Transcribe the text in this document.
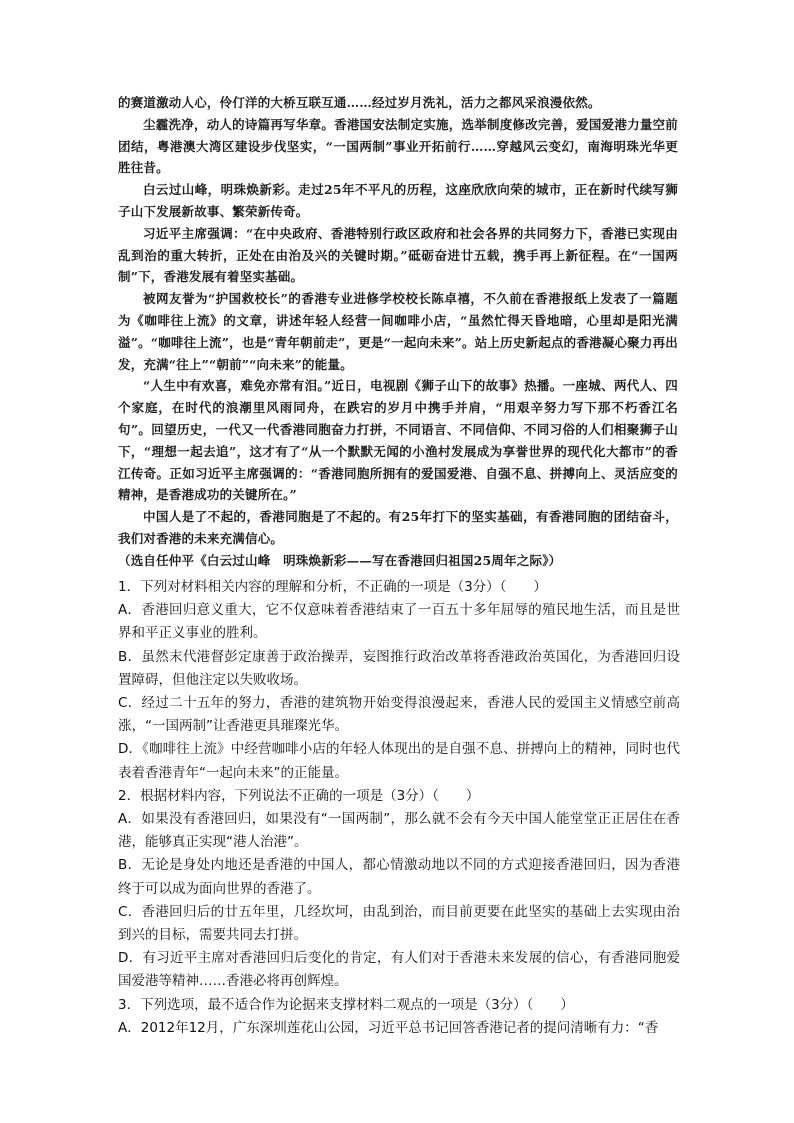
的赛道激动人心，伶仃洋的大桥互联互通……经过岁月洗礼，活力之都风采浪漫依然。

尘霾洗净，动人的诗篇再写华章。香港国安法制定实施，选举制度修改完善，爱国爱港力量空前团结，粤港澳大湾区建设步伐坚实，“一国两制”事业开拓前行……穿越风云变幻，南海明珠光华更胜往昔。

白云过山峰，明珠焕新彩。走过25年不平凡的历程，这座欣欣向荣的城市，正在新时代续写狮子山下发展新故事、繁荣新传奇。

习近平主席强调：“在中央政府、香港特别行政区政府和社会各界的共同努力下，香港已实现由乱到治的重大转折，正处在由治及兴的关键时期。”砥砺奋进廿五载，携手再上新征程。在“一国两制”下，香港发展有着坚实基础。

被网友誉为“护国救校长”的香港专业进修学校校长陈卓禧，不久前在香港报纸上发表了一篇题为《咖啡往上流》的文章，讲述年轻人经营一间咖啡小店，“虽然忙得天昏地暗，心里却是阳光满溢”。“咖啡往上流”，也是“青年朝前走”，更是“一起向未来”。站上历史新起点的香港凝心聚力再出发，充满“往上”“朝前”“向未来”的能量。

“人生中有欢喜，难免亦常有泪。”近日，电视剧《狮子山下的故事》热播。一座城、两代人、四个家庭，在时代的浪潮里风雨同舟，在跌宕的岁月中携手并肩，“用艰辛努力写下那不朽香江名句”。回望历史，一代又一代香港同胞奋力打拼，不同语言、不同信仰、不同习俗的人们相聚狮子山下，“理想一起去追”，这才有了“从一个默默无闻的小渔村发展成为享誉世界的现代化大都市”的香江传奇。正如习近平主席强调的：“香港同胞所拥有的爱国爱港、自强不息、拼搏向上、灵活应变的精神，是香港成功的关键所在。”

中国人是了不起的，香港同胞是了不起的。有25年打下的坚实基础，有香港同胞的团结奋斗，我们对香港的未来充满信心。

（选自任仲平《白云过山峰　明珠焕新彩——写在香港回归祖国25周年之际》）

1．下列对材料相关内容的理解和分析，不正确的一项是（3分）（　　）

A．香港回归意义重大，它不仅意味着香港结束了一百五十多年屈辱的殖民地生活，而且是世界和平正义事业的胜利。

B．虽然末代港督彭定康善于政治操弄，妄图推行政治改革将香港政治英国化，为香港回归设置障碍，但他注定以失败收场。

C．经过二十五年的努力，香港的建筑物开始变得浪漫起来，香港人民的爱国主义情感空前高涨，“一国两制”让香港更具璀璨光华。

D．《咖啡往上流》中经营咖啡小店的年轻人体现出的是自强不息、拼搏向上的精神，同时也代表着香港青年“一起向未来”的正能量。

2．根据材料内容，下列说法不正确的一项是（3分）（　　）

A．如果没有香港回归，如果没有“一国两制”，那么就不会有今天中国人能堂堂正正居住在香港，能够真正实现“港人治港”。

B．无论是身处内地还是香港的中国人，都心情激动地以不同的方式迎接香港回归，因为香港终于可以成为面向世界的香港了。

C．香港回归后的廿五年里，几经坎坷，由乱到治，而目前更要在此坚实的基础上去实现由治到兴的目标，需要共同去打拼。

D．有习近平主席对香港回归后变化的肯定，有人们对于香港未来发展的信心，有香港同胞爱国爱港等精神……香港必将再创辉煌。

3．下列选项，最不适合作为论据来支撑材料二观点的一项是（3分）（　　）

A．2012年12月，广东深圳莲花山公园，习近平总书记回答香港记者的提问清晰有力：“香
